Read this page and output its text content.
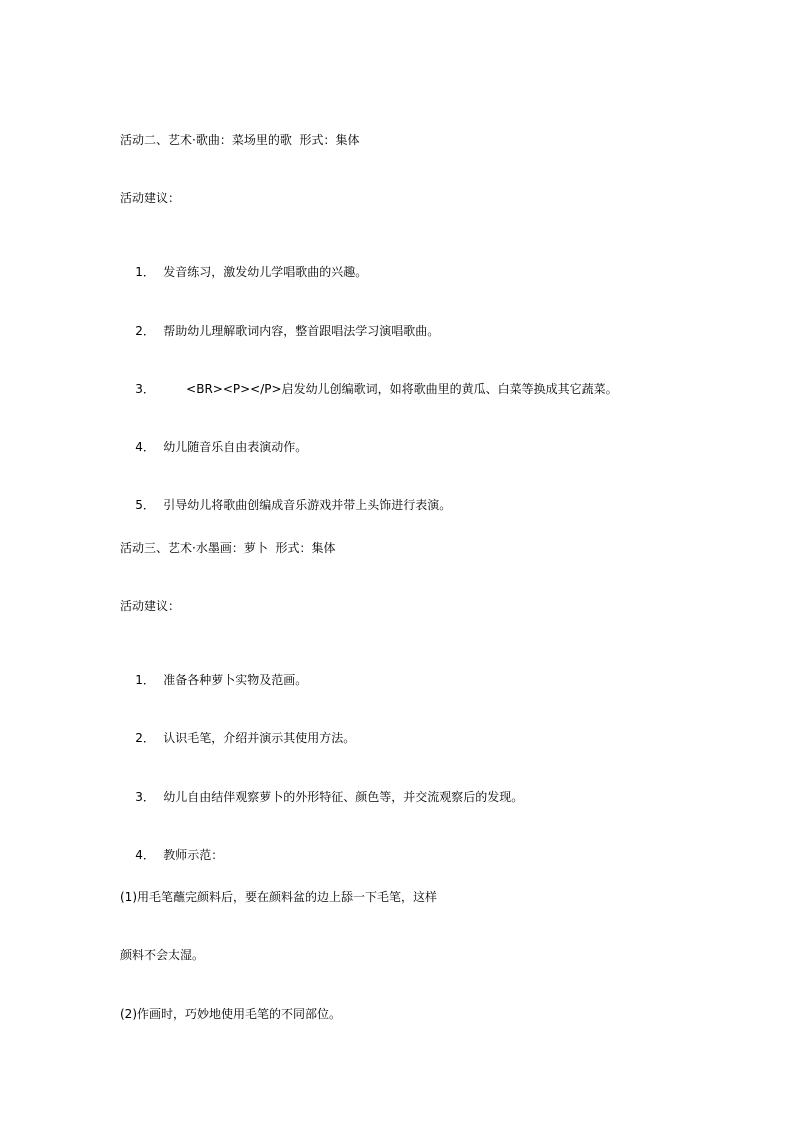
活动二、艺术·歌曲：菜场里的歌  形式：集体
活动建议：

1． 发音练习，激发幼儿学唱歌曲的兴趣。

2． 帮助幼儿理解歌词内容，整首跟唱法学习演唱歌曲。

3．      <BR><P></P>启发幼儿创编歌词，如将歌曲里的黄瓜、白菜等换成其它蔬菜。

4． 幼儿随音乐自由表演动作。

5． 引导幼儿将歌曲创编成音乐游戏并带上头饰进行表演。

活动三、艺术·水墨画：萝卜  形式：集体
活动建议：

1． 准备各种萝卜实物及范画。

2． 认识毛笔，介绍并演示其使用方法。

3． 幼儿自由结伴观察萝卜的外形特征、颜色等，并交流观察后的发现。

4． 教师示范：

(1)用毛笔蘸完颜料后，要在颜料盆的边上舔一下毛笔，这样
颜料不会太湿。
(2)作画时，巧妙地使用毛笔的不同部位。
